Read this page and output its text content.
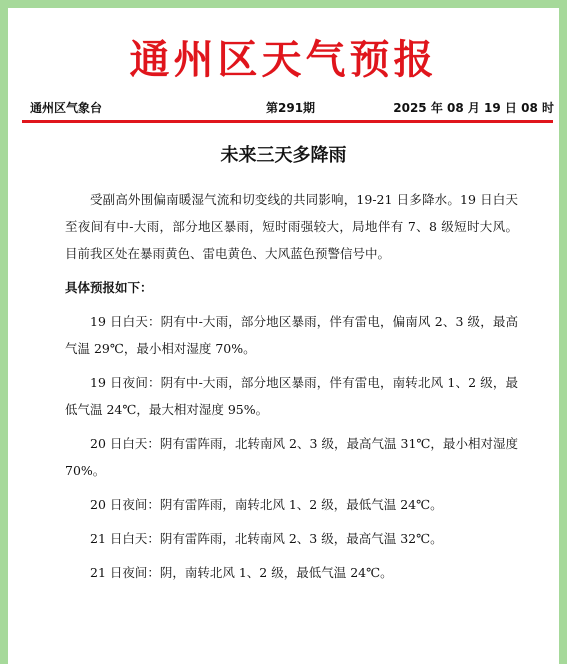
通州区天气预报
通州区气象台	第291期	2025 年 08 月 19 日 08 时
未来三天多降雨

受副高外围偏南暖湿气流和切变线的共同影响，19-21 日多降水。19 日白天至夜间有中-大雨，部分地区暴雨，短时雨强较大，局地伴有 7、8 级短时大风。目前我区处在暴雨黄色、雷电黄色、大风蓝色预警信号中。

具体预报如下：

19 日白天：阴有中-大雨，部分地区暴雨，伴有雷电，偏南风 2、3 级，最高气温 29℃，最小相对湿度 70%。

19 日夜间：阴有中-大雨，部分地区暴雨，伴有雷电，南转北风 1、2 级，最低气温 24℃，最大相对湿度 95%。

20 日白天：阴有雷阵雨，北转南风 2、3 级，最高气温 31℃，最小相对湿度 70%。

20 日夜间：阴有雷阵雨，南转北风 1、2 级，最低气温 24℃。

21 日白天：阴有雷阵雨，北转南风 2、3 级，最高气温 32℃。

21 日夜间：阴，南转北风 1、2 级，最低气温 24℃。
